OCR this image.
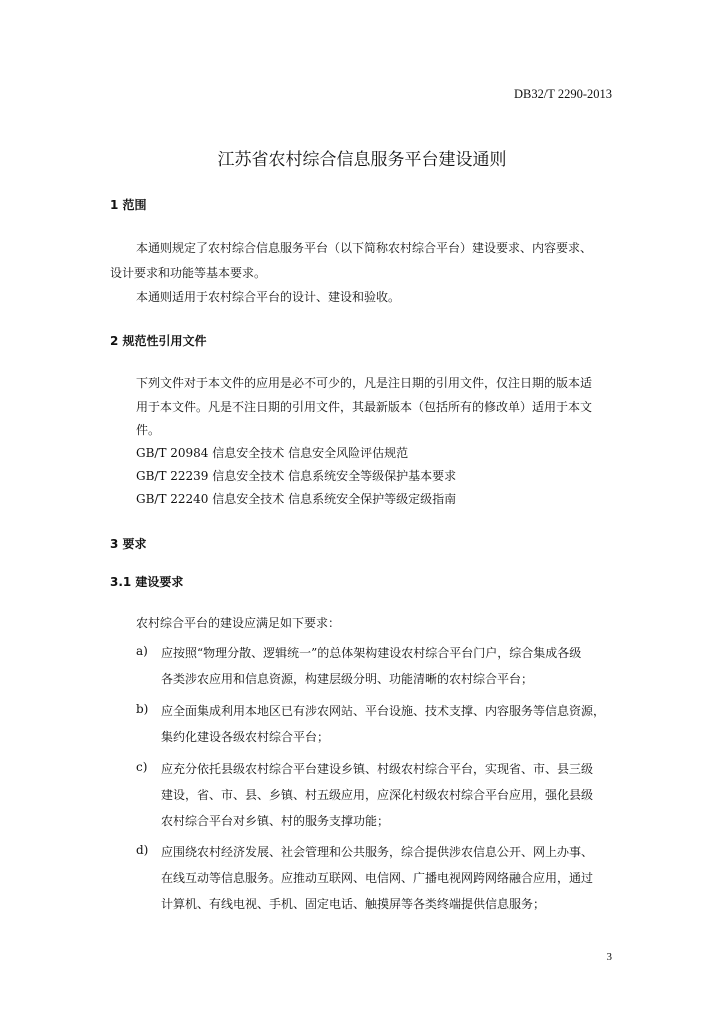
DB32/T 2290-2013
江苏省农村综合信息服务平台建设通则
1 范围
本通则规定了农村综合信息服务平台（以下简称农村综合平台）建设要求、内容要求、
设计要求和功能等基本要求。
本通则适用于农村综合平台的设计、建设和验收。
2 规范性引用文件
下列文件对于本文件的应用是必不可少的，凡是注日期的引用文件，仅注日期的版本适
用于本文件。凡是不注日期的引用文件，其最新版本（包括所有的修改单）适用于本文
件。
GB/T 20984 信息安全技术 信息安全风险评估规范
GB/T 22239 信息安全技术 信息系统安全等级保护基本要求
GB/T 22240 信息安全技术 信息系统安全保护等级定级指南
3 要求
3.1 建设要求
农村综合平台的建设应满足如下要求：
a) 应按照“物理分散、逻辑统一”的总体架构建设农村综合平台门户，综合集成各级
各类涉农应用和信息资源，构建层级分明、功能清晰的农村综合平台；
b) 应全面集成利用本地区已有涉农网站、平台设施、技术支撑、内容服务等信息资源，
集约化建设各级农村综合平台；
c) 应充分依托县级农村综合平台建设乡镇、村级农村综合平台，实现省、市、县三级
建设，省、市、县、乡镇、村五级应用，应深化村级农村综合平台应用，强化县级
农村综合平台对乡镇、村的服务支撑功能；
d) 应围绕农村经济发展、社会管理和公共服务，综合提供涉农信息公开、网上办事、
在线互动等信息服务。应推动互联网、电信网、广播电视网跨网络融合应用，通过
计算机、有线电视、手机、固定电话、触摸屏等各类终端提供信息服务；
3
